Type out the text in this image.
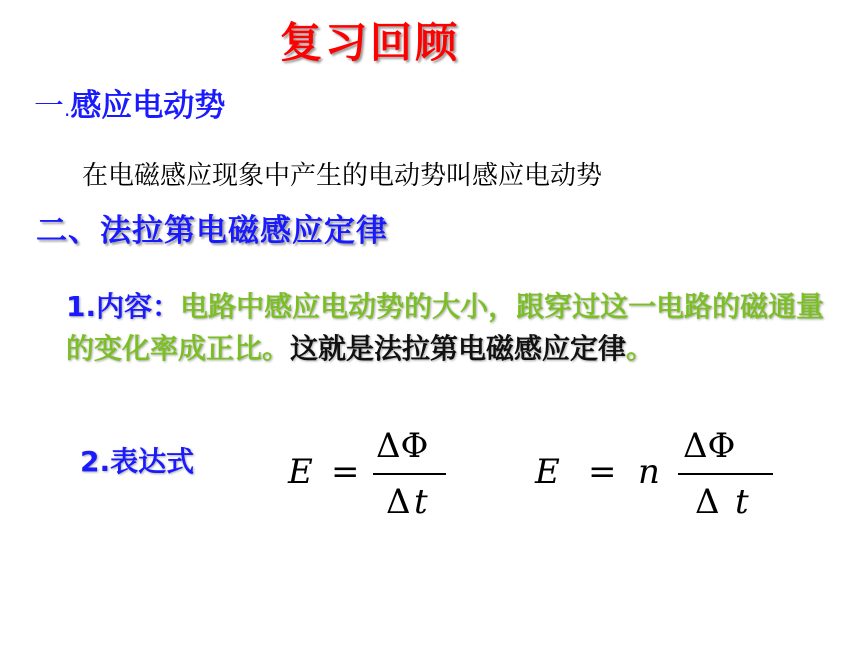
复习回顾
一.感应电动势
在电磁感应现象中产生的电动势叫感应电动势
二、法拉第电磁感应定律
1.内容：电路中感应电动势的大小，跟穿过这一电路的磁通量的变化率成正比。这就是法拉第电磁感应定律。
2.表达式	E =
ΔΦ
Δ t
E = n
ΔΦ
Δ t
